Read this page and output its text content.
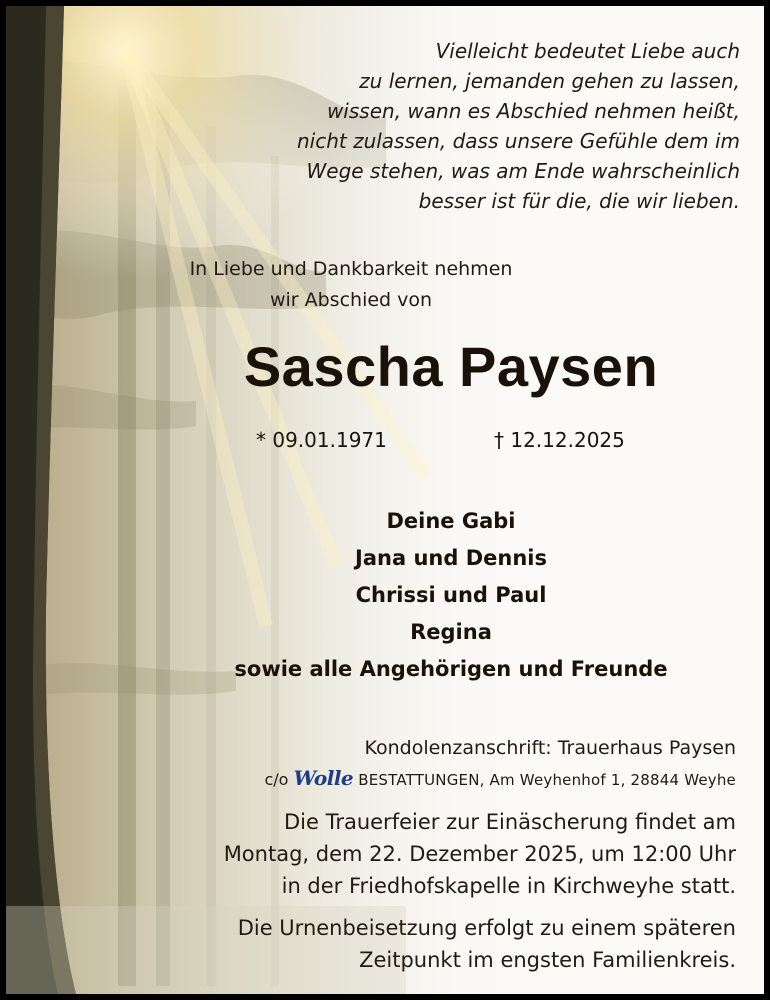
Vielleicht bedeutet Liebe auch
zu lernen, jemanden gehen zu lassen,
wissen, wann es Abschied nehmen heißt,
nicht zulassen, dass unsere Gefühle dem im
Wege stehen, was am Ende wahrscheinlich
besser ist für die, die wir lieben.
In Liebe und Dankbarkeit nehmen
wir Abschied von
Sascha Paysen
* 09.01.1971	† 12.12.2025
Deine Gabi
Jana und Dennis
Chrissi und Paul
Regina
sowie alle Angehörigen und Freunde
Kondolenzanschrift: Trauerhaus Paysen
c/o Wolle BESTATTUNGEN, Am Weyhenhof 1, 28844 Weyhe
Die Trauerfeier zur Einäscherung findet am
Montag, dem 22. Dezember 2025, um 12:00 Uhr
in der Friedhofskapelle in Kirchweyhe statt.
Die Urnenbeisetzung erfolgt zu einem späteren
Zeitpunkt im engsten Familienkreis.
